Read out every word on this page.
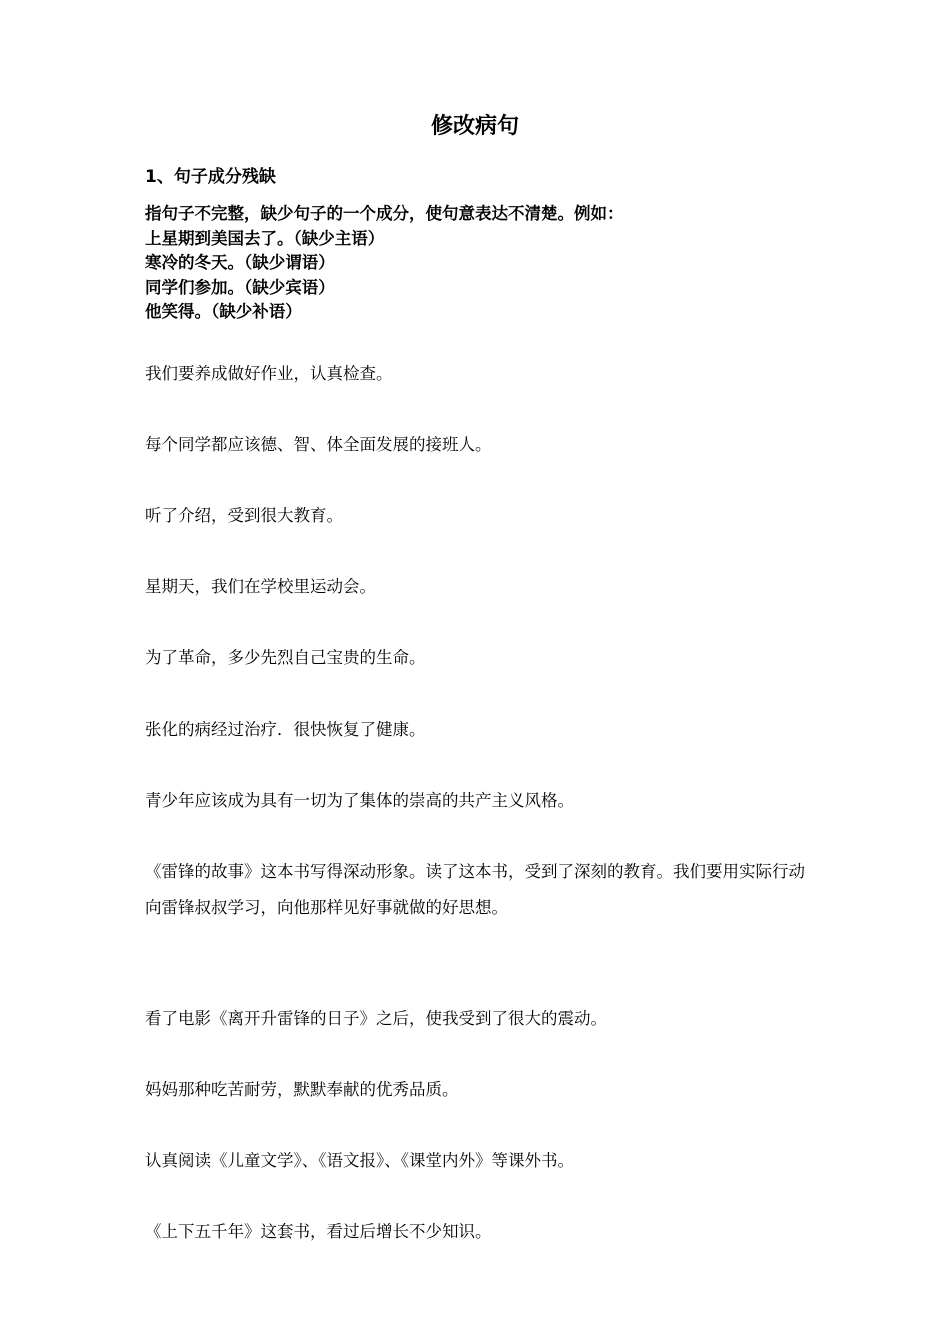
修改病句
1、句子成分残缺
指句子不完整，缺少句子的一个成分，使句意表达不清楚。例如：
上星期到美国去了。（缺少主语）
寒冷的冬天。（缺少谓语）
同学们参加。（缺少宾语）
他笑得。（缺少补语）
我们要养成做好作业，认真检查。
每个同学都应该德、智、体全面发展的接班人。
听了介绍，受到很大教育。
星期天，我们在学校里运动会。
为了革命，多少先烈自己宝贵的生命。
张化的病经过治疗．很快恢复了健康。
青少年应该成为具有一切为了集体的崇高的共产主义风格。
《雷锋的故事》这本书写得深动形象。读了这本书，受到了深刻的教育。我们要用实际行动向雷锋叔叔学习，向他那样见好事就做的好思想。
看了电影《离开升雷锋的日子》之后，使我受到了很大的震动。
妈妈那种吃苦耐劳，默默奉献的优秀品质。
认真阅读《儿童文学》、《语文报》、《课堂内外》等课外书。
《上下五千年》这套书，看过后增长不少知识。
